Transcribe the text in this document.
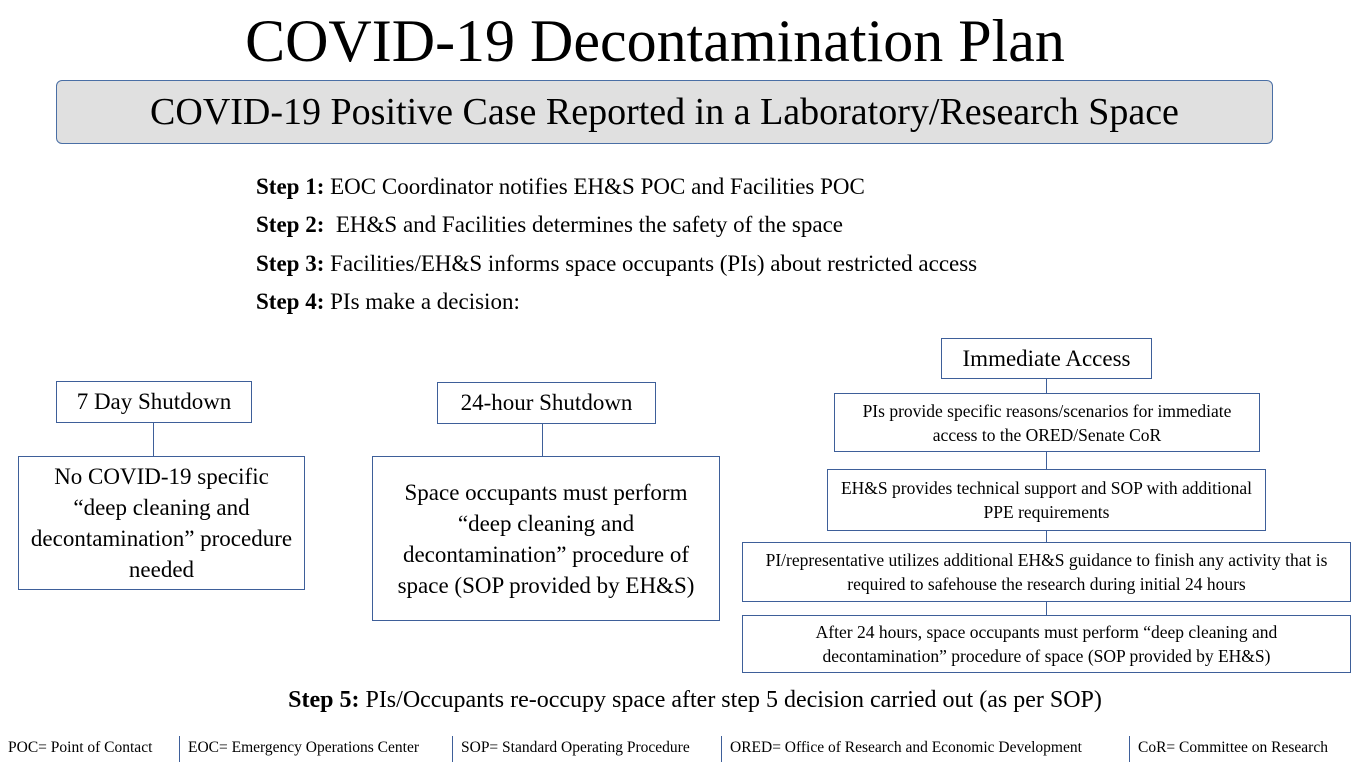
COVID-19 Decontamination Plan
COVID-19 Positive Case Reported in a Laboratory/Research Space
Step 1: EOC Coordinator notifies EH&S POC and Facilities POC
Step 2:  EH&S and Facilities determines the safety of the space
Step 3: Facilities/EH&S informs space occupants (PIs) about restricted access
Step 4: PIs make a decision:
7 Day Shutdown
No COVID-19 specific “deep cleaning and decontamination” procedure needed
24-hour Shutdown
Space occupants must perform “deep cleaning and decontamination” procedure of space (SOP provided by EH&S)
Immediate Access
PIs provide specific reasons/scenarios for immediate access to the ORED/Senate CoR
EH&S provides technical support and SOP with additional PPE requirements
PI/representative utilizes additional EH&S guidance to finish any activity that is required to safehouse the research during initial 24 hours
After 24 hours, space occupants must perform “deep cleaning and decontamination” procedure of space (SOP provided by EH&S)
Step 5: PIs/Occupants re-occupy space after step 5 decision carried out (as per SOP)
POC= Point of Contact EOC= Emergency Operations Center	SOP= Standard Operating Procedure	ORED= Office of Research and Economic Development	CoR= Committee on Research
